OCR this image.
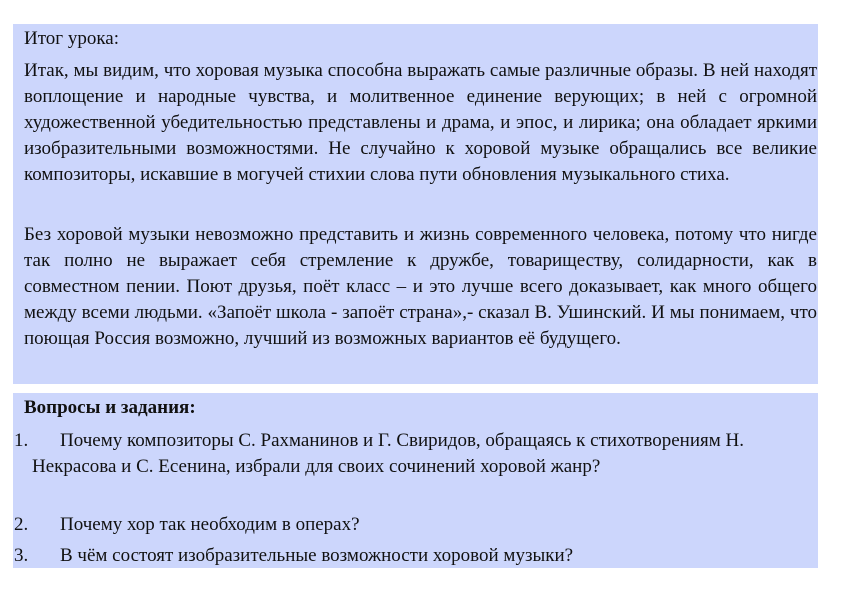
Итог урока:

Итак, мы видим, что хоровая музыка способна выражать самые различные образы. В ней находят воплощение и народные чувства, и молитвенное единение верующих; в ней с огромной художественной убедительностью представлены и драма, и эпос, и лирика; она обладает яркими изобразительными возможностями. Не случайно к хоровой музыке обращались все великие композиторы, искавшие в могучей стихии слова пути обновления музыкального стиха.

Без хоровой музыки невозможно представить и жизнь современного человека, потому что нигде так полно не выражает себя стремление к дружбе, товариществу, солидарности, как в совместном пении. Поют друзья, поёт класс – и это лучше всего доказывает, как много общего между всеми людьми. «Запоёт школа - запоёт страна»,- сказал В. Ушинский. И мы понимаем, что поющая Россия возможно, лучший из возможных вариантов её будущего.

Вопросы и задания:
1.	Почему композиторы С. Рахманинов и Г. Свиридов, обращаясь к стихотворениям Н. Некрасова и С. Есенина, избрали для своих сочинений хоровой жанр?
2.	Почему хор так необходим в операх?
3.	В чём состоят изобразительные возможности хоровой музыки?
